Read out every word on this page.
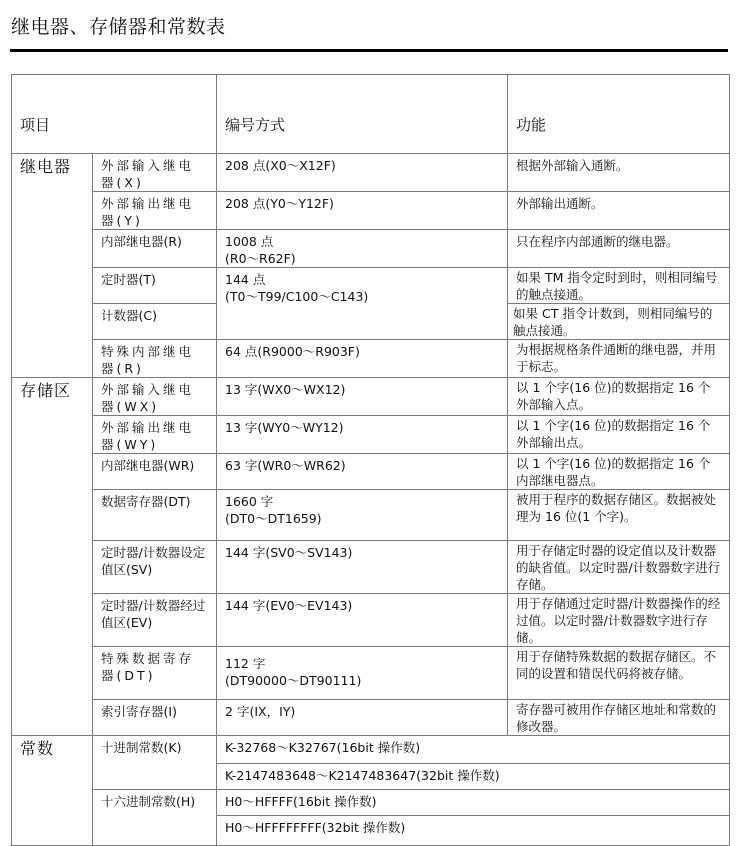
继电器、存储器和常数表
项目		编号方式	功能

继电器	外部输入继电器(X)	208 点(X0～X12F)	根据外部输入通断。

	外部输出继电器(Y)	208 点(Y0～Y12F)	外部输出通断。

	内部继电器(R)	1008 点
(R0～R62F)	只在程序内部通断的继电器。

	定时器(T)	144 点
(T0～T99/C100～C143)	如果 TM 指令定时到时，则相同编号的触点接通。

	计数器(C)		如果 CT 指令计数到，则相同编号的触点接通。

	特殊内部继电器(R)	64 点(R9000～R903F)	为根据规格条件通断的继电器，并用于标志。

存储区	外部输入继电器(WX)	13 字(WX0～WX12)	以 1 个字(16 位)的数据指定 16 个外部输入点。

	外部输出继电器(WY)	13 字(WY0～WY12)	以 1 个字(16 位)的数据指定 16 个外部输出点。

	内部继电器(WR)	63 字(WR0～WR62)	以 1 个字(16 位)的数据指定 16 个内部继电器点。

	数据寄存器(DT)	1660 字
(DT0～DT1659)	被用于程序的数据存储区。数据被处理为 16 位(1 个字)。

	定时器/计数器设定值区(SV)	144 字(SV0～SV143)	用于存储定时器的设定值以及计数器的缺省值。以定时器/计数器数字进行存储。

	定时器/计数器经过值区(EV)	144 字(EV0～EV143)	用于存储通过定时器/计数器操作的经过值。以定时器/计数器数字进行存储。

	特殊数据寄存器(DT)	112 字
(DT90000～DT90111)	用于存储特殊数据的数据存储区。不同的设置和错误代码将被存储。

	索引寄存器(I)	2 字(IX，IY)	寄存器可被用作存储区地址和常数的修改器。

常数	十进制常数(K)	K-32768～K32767(16bit 操作数)	

		K-2147483648～K2147483647(32bit 操作数)	

	十六进制常数(H)	H0～HFFFF(16bit 操作数)	

		H0～HFFFFFFFF(32bit 操作数)	
